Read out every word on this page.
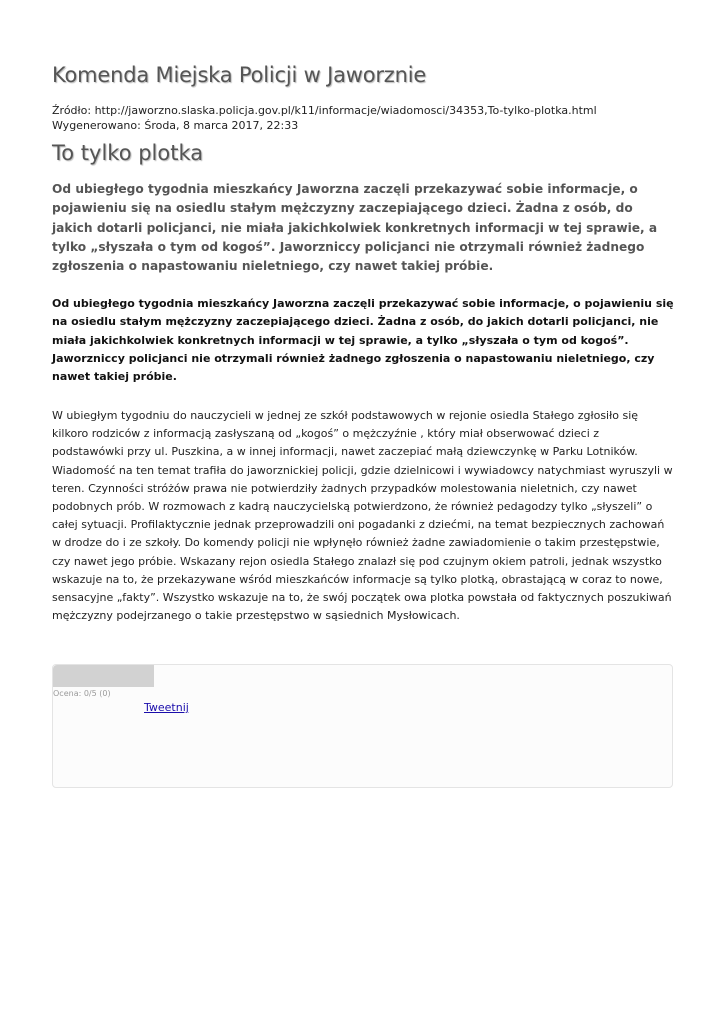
Komenda Miejska Policji w Jaworznie
Źródło: http://jaworzno.slaska.policja.gov.pl/k11/informacje/wiadomosci/34353,To-tylko-plotka.html
Wygenerowano: Środa, 8 marca 2017, 22:33
To tylko plotka

Od ubiegłego tygodnia mieszkańcy Jaworzna zaczęli przekazywać sobie informacje, o pojawieniu się na osiedlu stałym mężczyzny zaczepiającego dzieci. Żadna z osób, do jakich dotarli policjanci, nie miała jakichkolwiek konkretnych informacji w tej sprawie, a tylko „słyszała o tym od kogoś”. Jaworzniccy policjanci nie otrzymali również żadnego zgłoszenia o napastowaniu nieletniego, czy nawet takiej próbie.

Od ubiegłego tygodnia mieszkańcy Jaworzna zaczęli przekazywać sobie informacje, o pojawieniu się na osiedlu stałym mężczyzny zaczepiającego dzieci. Żadna z osób, do jakich dotarli policjanci, nie miała jakichkolwiek konkretnych informacji w tej sprawie, a tylko „słyszała o tym od kogoś”. Jaworzniccy policjanci nie otrzymali również żadnego zgłoszenia o napastowaniu nieletniego, czy nawet takiej próbie.

W ubiegłym tygodniu do nauczycieli w jednej ze szkół podstawowych w rejonie osiedla Stałego zgłosiło się kilkoro rodziców z informacją zasłyszaną od „kogoś” o mężczyźnie , który miał obserwować dzieci z podstawówki przy ul. Puszkina, a w innej informacji, nawet zaczepiać małą dziewczynkę w Parku Lotników. Wiadomość na ten temat trafiła do jaworznickiej policji, gdzie dzielnicowi i wywiadowcy natychmiast wyruszyli w teren. Czynności stróżów prawa nie potwierdziły żadnych przypadków molestowania nieletnich, czy nawet podobnych prób. W rozmowach z kadrą nauczycielską potwierdzono, że również pedagodzy tylko „słyszeli” o całej sytuacji. Profilaktycznie jednak przeprowadzili oni pogadanki z dziećmi, na temat bezpiecznych zachowań w drodze do i ze szkoły. Do komendy policji nie wpłynęło również żadne zawiadomienie o takim przestępstwie, czy nawet jego próbie. Wskazany rejon osiedla Stałego znalazł się pod czujnym okiem patroli, jednak wszystko wskazuje na to, że przekazywane wśród mieszkańców informacje są tylko plotką, obrastającą w coraz to nowe, sensacyjne „fakty”. Wszystko wskazuje na to, że swój początek owa plotka powstała od faktycznych poszukiwań mężczyzny podejrzanego o takie przestępstwo w sąsiednich Mysłowicach.

Ocena: 0/5 (0)
Tweetnij
